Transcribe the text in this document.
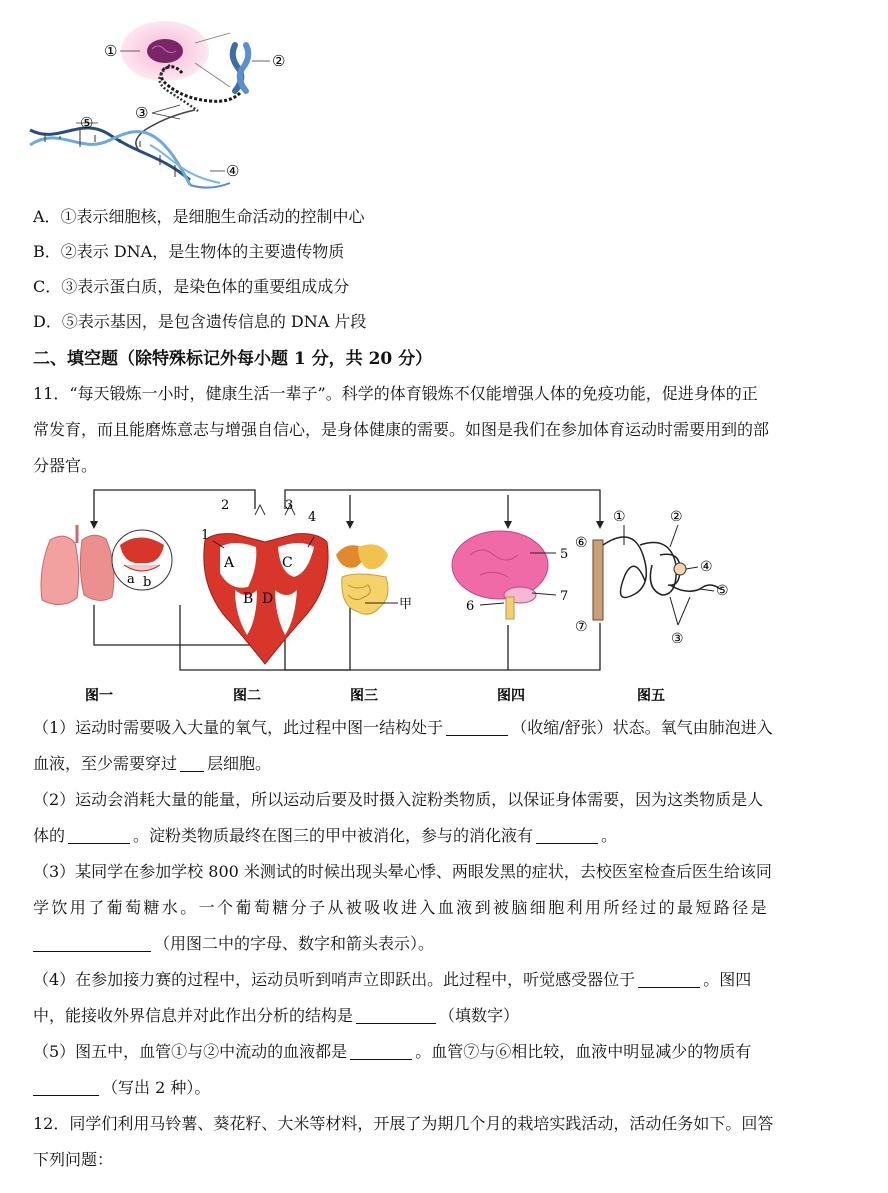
①
②
③
④
⑤
A．①表示细胞核，是细胞生命活动的控制中心
B．②表示 DNA，是生物体的主要遗传物质
C．③表示蛋白质，是染色体的重要组成成分
D．⑤表示基因，是包含遗传信息的 DNA 片段
二、填空题（除特殊标记外每小题 1 分，共 20 分）
11．“每天锻炼一小时，健康生活一辈子”。科学的体育锻炼不仅能增强人体的免疫功能，促进身体的正
常发育，而且能磨炼意志与增强自信心，是身体健康的需要。如图是我们在参加体育运动时需要用到的部
分器官。
a b
A
B
C
D
1
2	3
4
甲
5
6
7
①	②
③
④
⑤
⑥
⑦
图一	图二	图三	图四	图五
（1）运动时需要吸入大量的氧气，此过程中图一结构处于	（收缩/舒张）状态。氧气由肺泡进入
血液，至少需要穿过 层细胞。
（2）运动会消耗大量的能量，所以运动后要及时摄入淀粉类物质，以保证身体需要，因为这类物质是人
体的	。淀粉类物质最终在图三的甲中被消化，参与的消化液有	。
（3）某同学在参加学校 800 米测试的时候出现头晕心悸、两眼发黑的症状，去校医室检查后医生给该同
学饮用了葡萄糖水。一个葡萄糖分子从被吸收进入血液到被脑细胞利用所经过的最短路径是
（用图二中的字母、数字和箭头表示）。
（4）在参加接力赛的过程中，运动员听到哨声立即跃出。此过程中，听觉感受器位于	。图四
中，能接收外界信息并对此作出分析的结构是	（填数字）
（5）图五中，血管①与②中流动的血液都是	。血管⑦与⑥相比较，血液中明显减少的物质有
（写出 2 种）。
12．同学们利用马铃薯、葵花籽、大米等材料，开展了为期几个月的栽培实践活动，活动任务如下。回答
下列问题：
